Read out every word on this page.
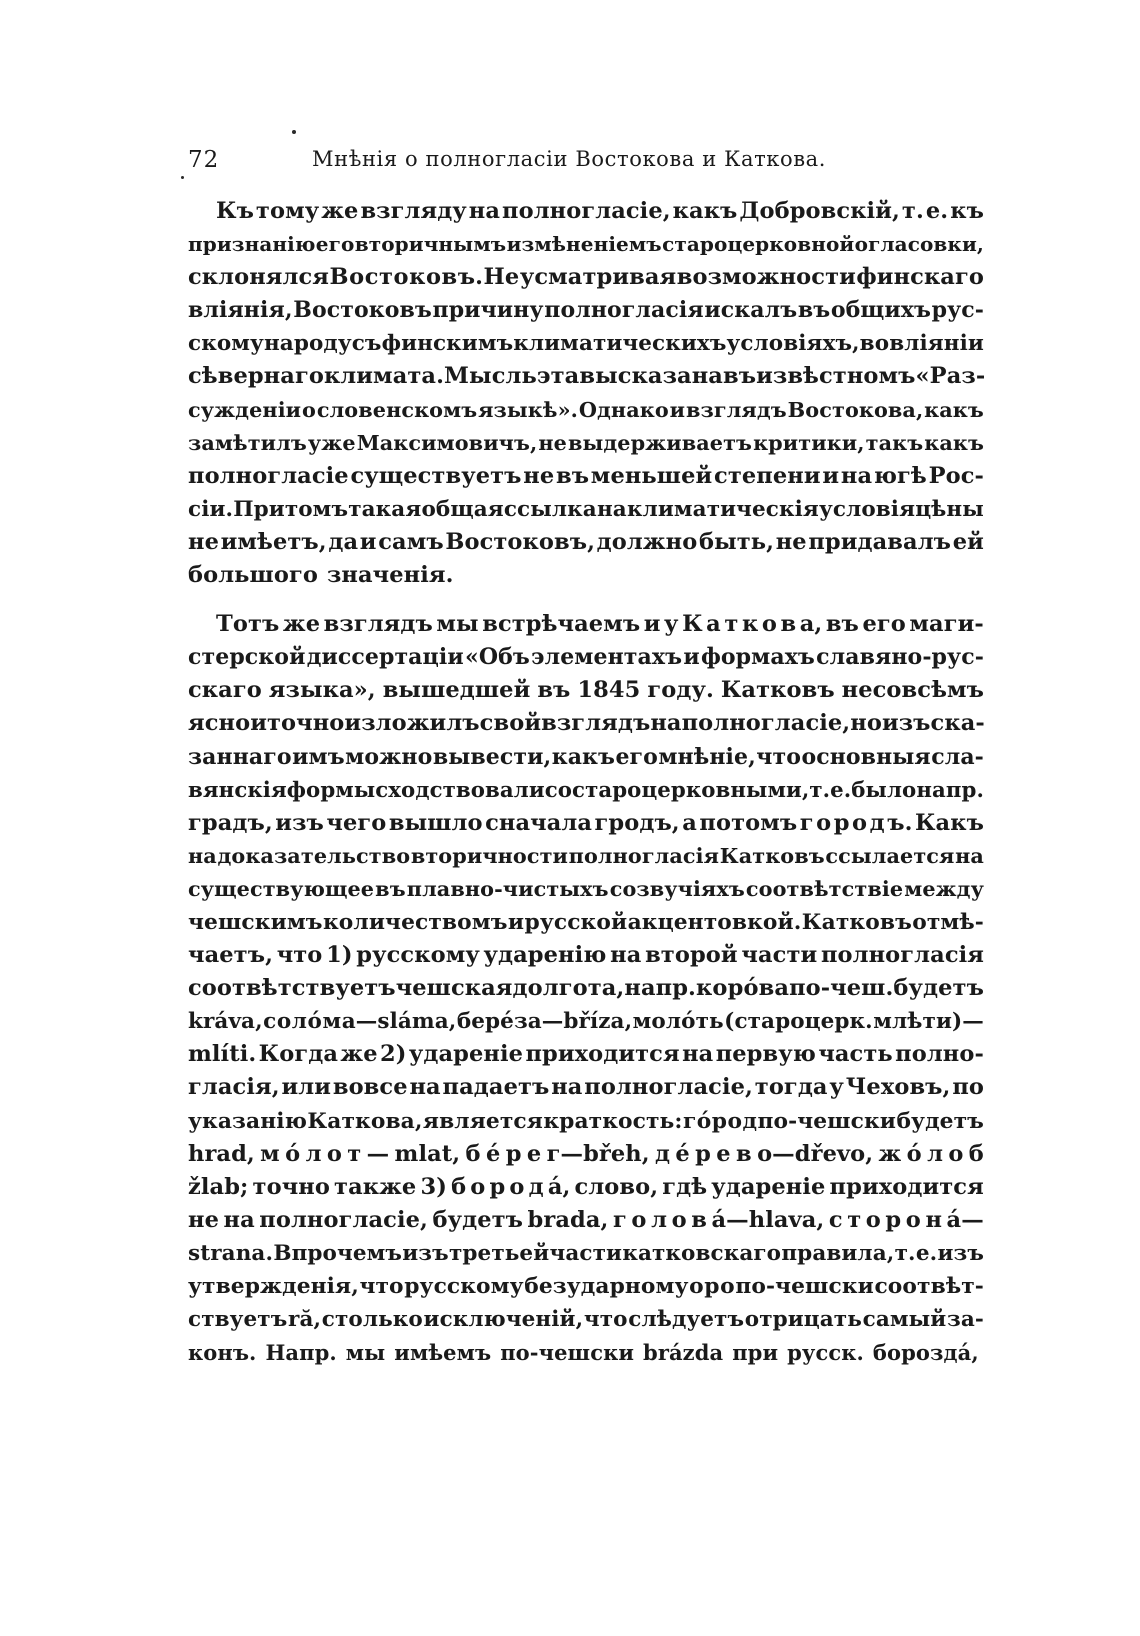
72	Мнѣнія о полногласіи Востокова и Каткова.
Къ тому же взгляду на полногласіе, какъ Добровскій, т. е. къ
признанію его вторичнымъ измѣненіемъ староцерковной огласовки,
склонялся В о с т о к о в ъ. Не усматривая возможности финскаго
вліянія, Востоковъ причину полногласія искалъ въ общихъ рус-
скому народу съ финскимъ климатическихъ условіяхъ, во вліяніи
сѣвернаго климата. Мысль эта высказана въ извѣстномъ «Раз-
сужденіи о словенскомъ языкѣ». Однако и взглядъ Востокова, какъ
замѣтилъ уже Максимовичъ, не выдерживаетъ критики, такъ какъ
полногласіе существуетъ не въ меньшей степени и на югѣ Рос-
сіи. Притомъ такая общая ссылка на климатическія условія цѣны
не имѣетъ, да и самъ Востоковъ, должно быть, не придавалъ ей
большого значенія.
Тотъ же взглядъ мы встрѣчаемъ и у К а т к о в а, въ его маги-
стерской диссертаціи «Объ элементахъ и формахъ славяно-рус-
скаго языка», вышедшей въ 1845 году. Катковъ несовсѣмъ
ясно и точно изложилъ свой взглядъ на полногласіе, но изъ ска-
заннаго имъ можно вывести, какъ его мнѣніе, что основныя сла-
вянскія формы сходствовали со староцерковными, т. е. было напр.
градъ, изъ чего вышло сначала гродъ, а потомъ г о р о д ъ. Какъ
на доказательство вторичности полногласія Катковъ ссылается на
существующее въ плавно-чистыхъ созвучіяхъ соотвѣтствіе между
чешскимъ количествомъ и русской акцентовкой. Катковъ отмѣ-
чаетъ, что 1) русскому ударенію на второй части полногласія
соотвѣтствуетъ чешская долгота, напр. к о р о́ в а по-чеш. будетъ
kráva, с о л о́ м а—sláma, бере́за—bříza, моло́ть (староцерк. млѣти)—
mlíti. Когда же 2) удареніе приходится на первую часть полно-
гласія, или вовсе на падаетъ на полногласіе, тогда у Чеховъ, по
указанію Каткова, является краткость: г о́ р о д по-чешски будетъ
hrad, м о́ л о т — mlat, б е́ р е г—břeh, д е́ р е в о—dřevo, ж о́ л о б
žlab; точно также 3) б о р о д а́, слово, гдѣ удареніе приходится
не на полногласіе, будетъ brada, г о л о в а́—hlava, с т о р о н а́—
strana. Впрочемъ изъ третьей части катковскаго правила, т. е. изъ
утвержденія, что русскому безударному о р о по-чешски соотвѣт-
ствуетъ ră, столько исключеній, что слѣдуетъ отрицать самый за-
конъ. Напр. мы имѣемъ по-чешски brázda при русск. борозда́,
